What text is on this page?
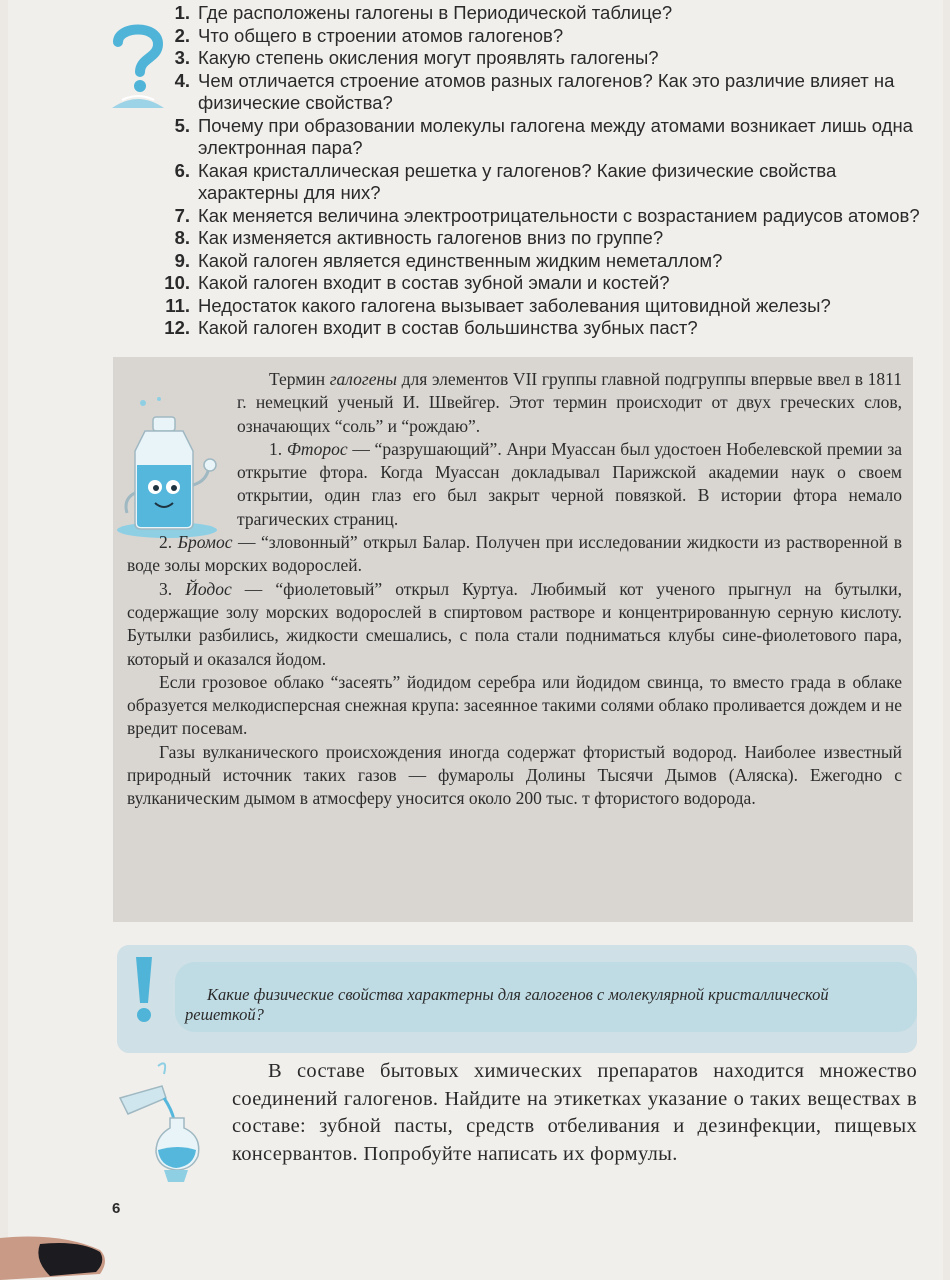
1. Где расположены галогены в Периодической таблице?
2. Что общего в строении атомов галогенов?
3. Какую степень окисления могут проявлять галогены?
4. Чем отличается строение атомов разных галогенов? Как это различие влияет на физические свойства?
5. Почему при образовании молекулы галогена между атомами возникает лишь одна электронная пара?
6. Какая кристаллическая решетка у галогенов? Какие физические свойства характерны для них?
7. Как меняется величина электроотрицательности с возрастанием радиусов атомов?
8. Как изменяется активность галогенов вниз по группе?
9. Какой галоген является единственным жидким неметаллом?
10. Какой галоген входит в состав зубной эмали и костей?
11. Недостаток какого галогена вызывает заболевания щитовидной железы?
12. Какой галоген входит в состав большинства зубных паст?

Термин галогены для элементов VII группы главной подгруппы впервые ввел в 1811 г. немецкий ученый И. Швейгер. Этот термин происходит от двух греческих слов, означающих “соль” и “рождаю”.

1. Фторос — “разрушающий”. Анри Муассан был удостоен Нобелевской премии за открытие фтора. Когда Муассан докладывал Парижской академии наук о своем открытии, один глаз его был закрыт черной повязкой. В истории фтора немало трагических страниц.

2. Бромос — “зловонный” открыл Балар. Получен при исследовании жидкости из растворенной в воде золы морских водорослей.

3. Йодос — “фиолетовый” открыл Куртуа. Любимый кот ученого прыгнул на бутылки, содержащие золу морских водорослей в спиртовом растворе и концентрированную серную кислоту. Бутылки разбились, жидкости смешались, с пола стали подниматься клубы сине-фиолетового пара, который и оказался йодом.

Если грозовое облако “засеять” йодидом серебра или йодидом свинца, то вместо града в облаке образуется мелкодисперсная снежная крупа: засеянное такими солями облако проливается дождем и не вредит посевам.

Газы вулканического происхождения иногда содержат фтористый водород. Наиболее известный природный источник таких газов — фумаролы Долины Тысячи Дымов (Аляска). Ежегодно с вулканическим дымом в атмосферу уносится около 200 тыс. т фтористого водорода.

Какие физические свойства характерны для галогенов с молекулярной кристаллической решеткой?

В составе бытовых химических препаратов находится множество соединений галогенов. Найдите на этикетках указание о таких веществах в составе: зубной пасты, средств отбеливания и дезинфекции, пищевых консервантов. Попробуйте написать их формулы.

6
